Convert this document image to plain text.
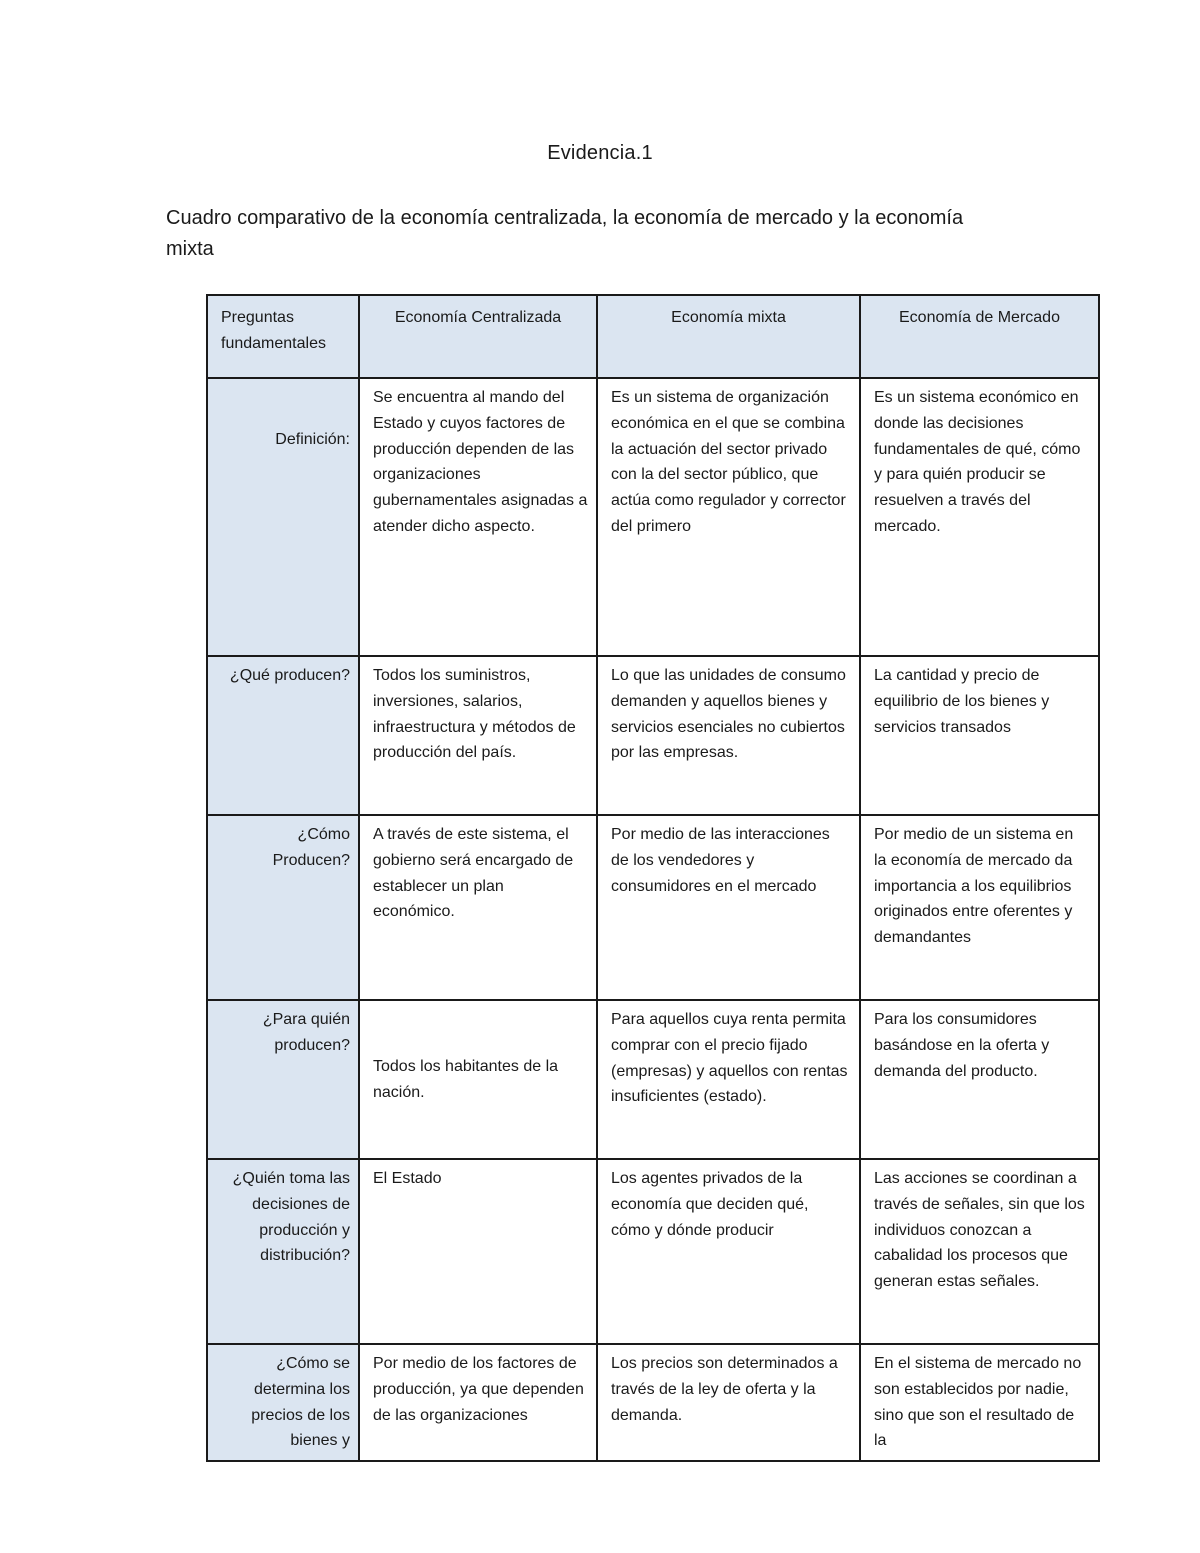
Evidencia.1
Cuadro comparativo de la economía centralizada, la economía de mercado y la economía mixta
Preguntas fundamentales	Economía Centralizada	Economía mixta	Economía de Mercado
Definición:	Se encuentra al mando del Estado y cuyos factores de producción dependen de las organizaciones gubernamentales asignadas a atender dicho aspecto.	Es un sistema de organización económica en el que se combina la actuación del sector privado con la del sector público, que actúa como regulador y corrector del primero	Es un sistema económico en donde las decisiones fundamentales de qué, cómo y para quién producir se resuelven a través del mercado.
¿Qué producen?	Todos los suministros, inversiones, salarios, infraestructura y métodos de producción del país.	Lo que las unidades de consumo demanden y aquellos bienes y servicios esenciales no cubiertos por las empresas.	La cantidad y precio de equilibrio de los bienes y servicios transados
¿Cómo Producen?	A través de este sistema, el gobierno será encargado de establecer un plan económico.	Por medio de las interacciones de los vendedores y consumidores en el mercado	Por medio de un sistema en la economía de mercado da importancia a los equilibrios originados entre oferentes y demandantes
¿Para quién producen?	Todos los habitantes de la nación.	Para aquellos cuya renta permita comprar con el precio fijado (empresas) y aquellos con rentas insuficientes (estado).	Para los consumidores basándose en la oferta y demanda del producto.
¿Quién toma las decisiones de producción y distribución?	El Estado	Los agentes privados de la economía que deciden qué, cómo y dónde producir	Las acciones se coordinan a través de señales, sin que los individuos conozcan a cabalidad los procesos que generan estas señales.
¿Cómo se determina los precios de los bienes y	Por medio de los factores de producción, ya que dependen de las organizaciones	Los precios son determinados a través de la ley de oferta y la demanda.	En el sistema de mercado no son establecidos por nadie, sino que son el resultado de la
